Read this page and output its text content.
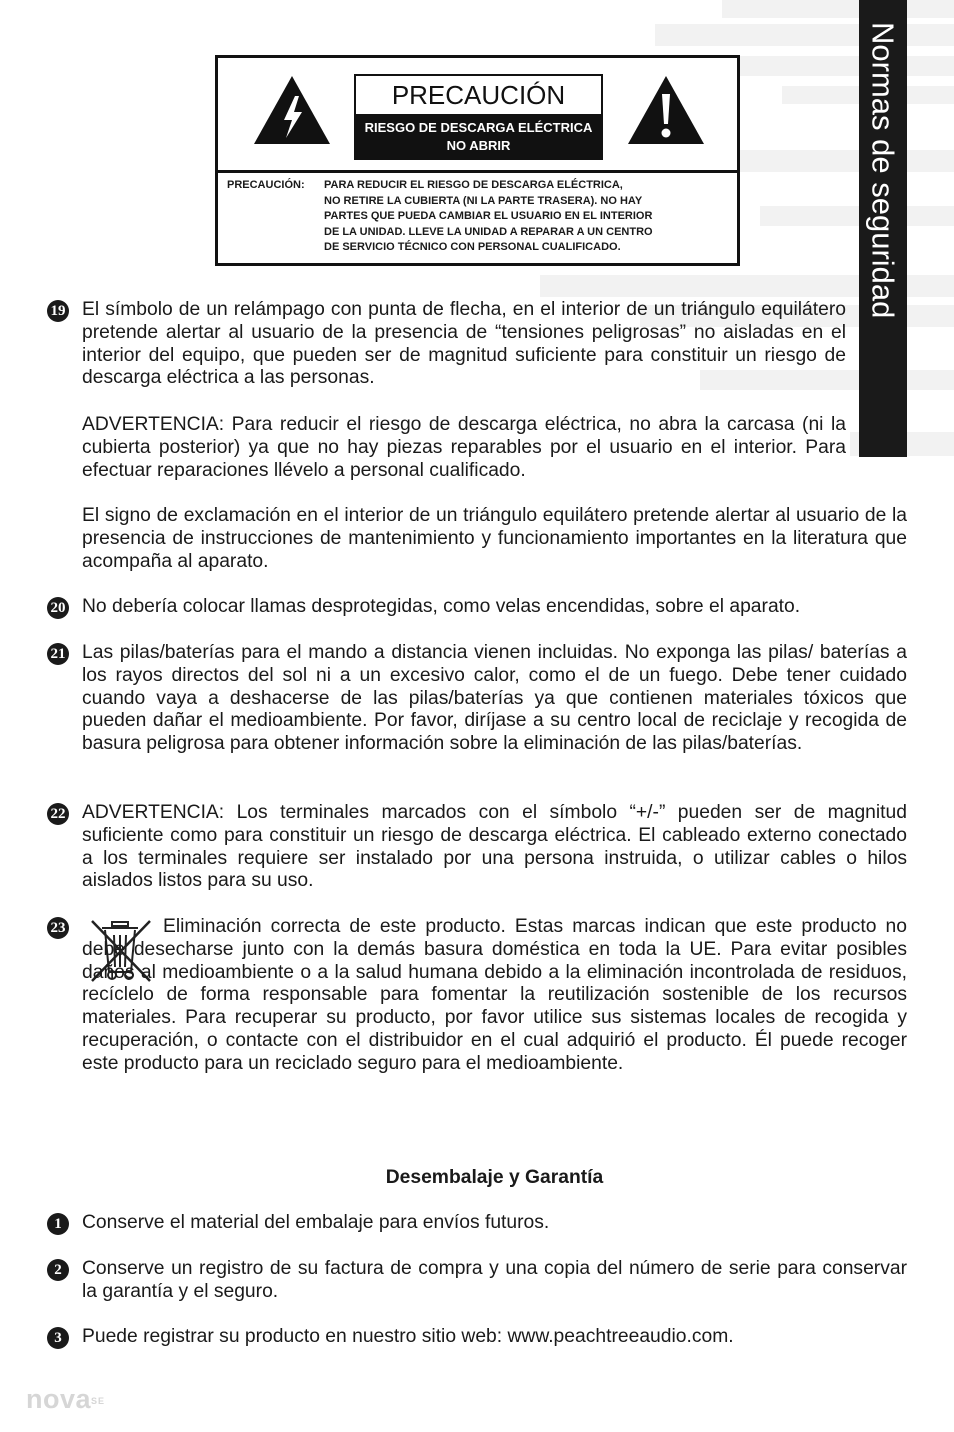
Normas de seguridad
PRECAUCIÓN
RIESGO DE DESCARGA ELÉCTRICA
NO ABRIR
PRECAUCIÓN: PARA REDUCIR EL RIESGO DE DESCARGA ELÉCTRICA,
NO RETIRE LA CUBIERTA (NI LA PARTE TRASERA). NO HAY
PARTES QUE PUEDA CAMBIAR EL USUARIO EN EL INTERIOR
DE LA UNIDAD. LLEVE LA UNIDAD A REPARAR A UN CENTRO
DE SERVICIO TÉCNICO CON PERSONAL CUALIFICADO.
19 El símbolo de un relámpago con punta de flecha, en el interior de un triángulo equilátero pretende alertar al usuario de la presencia de “tensiones peligrosas” no aisladas en el interior del equipo, que pueden ser de magnitud suficiente para constituir un riesgo de descarga eléctrica a las personas.

ADVERTENCIA: Para reducir el riesgo de descarga eléctrica, no abra la carcasa (ni la cubierta posterior) ya que no hay piezas reparables por el usuario en el interior. Para efectuar reparaciones llévelo a personal cualificado.

El signo de exclamación en el interior de un triángulo equilátero pretende alertar al usuario de la presencia de instrucciones de mantenimiento y funcionamiento importantes en la literatura que acompaña al aparato.

20 No debería colocar llamas desprotegidas, como velas encendidas, sobre el aparato.

21 Las pilas/baterías para el mando a distancia vienen incluidas. No exponga las pilas/ baterías a los rayos directos del sol ni a un excesivo calor, como el de un fuego. Debe tener cuidado cuando vaya a deshacerse de las pilas/baterías ya que contienen materiales tóxicos que pueden dañar el medioambiente. Por favor, diríjase a su centro local de reciclaje y recogida de basura peligrosa para obtener información sobre la eliminación de las pilas/baterías.

22 ADVERTENCIA: Los terminales marcados con el símbolo “+/-” pueden ser de magnitud suficiente como para constituir un riesgo de descarga eléctrica. El cableado externo conectado a los terminales requiere ser instalado por una persona instruida, o utilizar cables o hilos aislados listos para su uso.

23	Eliminación correcta de este producto. Estas marcas indican que este producto no debe desecharse junto con la demás basura doméstica en toda la UE. Para evitar posibles daños al medioambiente o a la salud humana debido a la eliminación incontrolada de residuos, recíclelo de forma responsable para fomentar la reutilización sostenible de los recursos materiales. Para recuperar su producto, por favor utilice sus sistemas locales de recogida y recuperación, o contacte con el distribuidor en el cual adquirió el producto. Él puede recoger este producto para un reciclado seguro para el medioambiente.

Desembalaje y Garantía
1	Conserve el material del embalaje para envíos futuros.

2	Conserve un registro de su factura de compra y una copia del número de serie para conservar la garantía y el seguro.

3	Puede registrar su producto en nuestro sitio web: www.peachtreeaudio.com.

nova$^{SE}$
